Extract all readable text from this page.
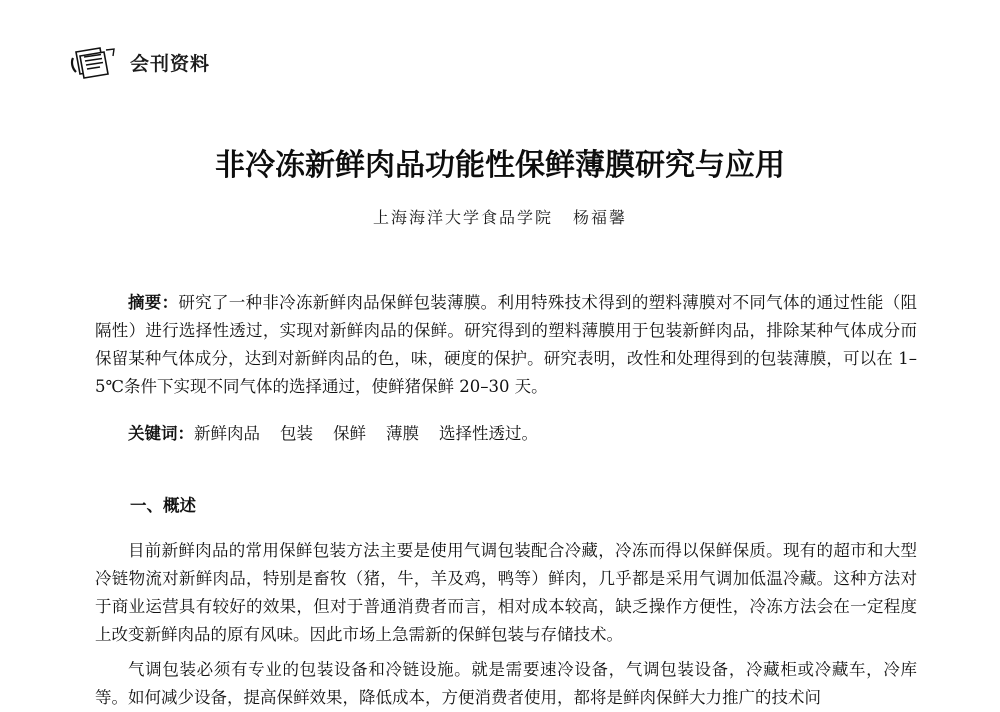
会刊资料
非冷冻新鲜肉品功能性保鲜薄膜研究与应用
上海海洋大学食品学院 杨福馨

摘要：研究了一种非冷冻新鲜肉品保鲜包装薄膜。利用特殊技术得到的塑料薄膜对不同气体的通过性能（阻隔性）进行选择性透过，实现对新鲜肉品的保鲜。研究得到的塑料薄膜用于包装新鲜肉品，排除某种气体成分而保留某种气体成分，达到对新鲜肉品的色，味，硬度的保护。研究表明，改性和处理得到的包装薄膜，可以在 1–5℃条件下实现不同气体的选择通过，使鲜猪保鲜 20–30 天。

关键词：新鲜肉品 包装 保鲜 薄膜 选择性透过。

一、概述

目前新鲜肉品的常用保鲜包装方法主要是使用气调包装配合冷藏，冷冻而得以保鲜保质。现有的超市和大型冷链物流对新鲜肉品，特别是畜牧（猪，牛，羊及鸡，鸭等）鲜肉，几乎都是采用气调加低温冷藏。这种方法对于商业运营具有较好的效果，但对于普通消费者而言，相对成本较高，缺乏操作方便性，冷冻方法会在一定程度上改变新鲜肉品的原有风味。因此市场上急需新的保鲜包装与存储技术。

气调包装必须有专业的包装设备和冷链设施。就是需要速冷设备，气调包装设备，冷藏柜或冷藏车，冷库等。如何减少设备，提高保鲜效果，降低成本，方便消费者使用，都将是鲜肉保鲜大力推广的技术问
